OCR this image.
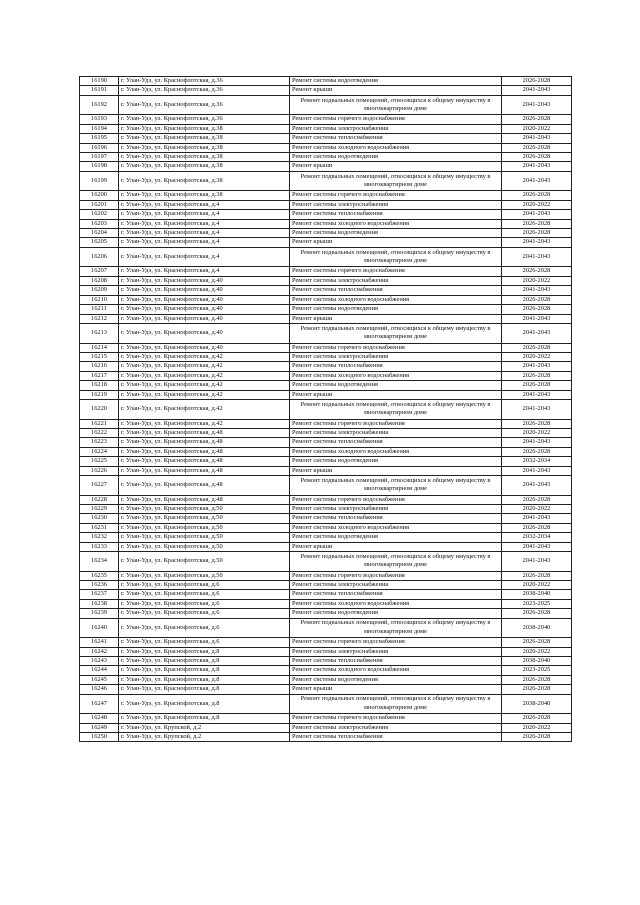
16190	г. Улан-Удэ, ул. Краснофлотская, д.36	Ремонт системы водоотведения	2026-2028
16191	г. Улан-Удэ, ул. Краснофлотская, д.36	Ремонт крыши	2041-2043
16192	г. Улан-Удэ, ул. Краснофлотская, д.36	Ремонт подвальных помещений, относящихся к общему имуществу в многоквартирном доме	2041-2043
16193	г. Улан-Удэ, ул. Краснофлотская, д.36	Ремонт системы горячего водоснабжения	2026-2028
16194	г. Улан-Удэ, ул. Краснофлотская, д.38	Ремонт системы электроснабжения	2020-2022
16195	г. Улан-Удэ, ул. Краснофлотская, д.38	Ремонт системы теплоснабжения	2041-2043
16196	г. Улан-Удэ, ул. Краснофлотская, д.38	Ремонт системы холодного водоснабжения	2026-2028
16197	г. Улан-Удэ, ул. Краснофлотская, д.38	Ремонт системы водоотведения	2026-2028
16198	г. Улан-Удэ, ул. Краснофлотская, д.38	Ремонт крыши	2041-2043
16199	г. Улан-Удэ, ул. Краснофлотская, д.38	Ремонт подвальных помещений, относящихся к общему имуществу в многоквартирном доме	2041-2043
16200	г. Улан-Удэ, ул. Краснофлотская, д.38	Ремонт системы горячего водоснабжения	2026-2028
16201	г. Улан-Удэ, ул. Краснофлотская, д.4	Ремонт системы электроснабжения	2020-2022
16202	г. Улан-Удэ, ул. Краснофлотская, д.4	Ремонт системы теплоснабжения	2041-2043
16203	г. Улан-Удэ, ул. Краснофлотская, д.4	Ремонт системы холодного водоснабжения	2026-2028
16204	г. Улан-Удэ, ул. Краснофлотская, д.4	Ремонт системы водоотведения	2026-2028
16205	г. Улан-Удэ, ул. Краснофлотская, д.4	Ремонт крыши	2041-2043
16206	г. Улан-Удэ, ул. Краснофлотская, д.4	Ремонт подвальных помещений, относящихся к общему имуществу в многоквартирном доме	2041-2043
16207	г. Улан-Удэ, ул. Краснофлотская, д.4	Ремонт системы горячего водоснабжения	2026-2028
16208	г. Улан-Удэ, ул. Краснофлотская, д.40	Ремонт системы электроснабжения	2020-2022
16209	г. Улан-Удэ, ул. Краснофлотская, д.40	Ремонт системы теплоснабжения	2041-2043
16210	г. Улан-Удэ, ул. Краснофлотская, д.40	Ремонт системы холодного водоснабжения	2026-2028
16211	г. Улан-Удэ, ул. Краснофлотская, д.40	Ремонт системы водоотведения	2026-2028
16212	г. Улан-Удэ, ул. Краснофлотская, д.40	Ремонт крыши	2041-2043
16213	г. Улан-Удэ, ул. Краснофлотская, д.40	Ремонт подвальных помещений, относящихся к общему имуществу в многоквартирном доме	2041-2043
16214	г. Улан-Удэ, ул. Краснофлотская, д.40	Ремонт системы горячего водоснабжения	2026-2028
16215	г. Улан-Удэ, ул. Краснофлотская, д.42	Ремонт системы электроснабжения	2020-2022
16216	г. Улан-Удэ, ул. Краснофлотская, д.42	Ремонт системы теплоснабжения	2041-2043
16217	г. Улан-Удэ, ул. Краснофлотская, д.42	Ремонт системы холодного водоснабжения	2026-2028
16218	г. Улан-Удэ, ул. Краснофлотская, д.42	Ремонт системы водоотведения	2026-2028
16219	г. Улан-Удэ, ул. Краснофлотская, д.42	Ремонт крыши	2041-2043
16220	г. Улан-Удэ, ул. Краснофлотская, д.42	Ремонт подвальных помещений, относящихся к общему имуществу в многоквартирном доме	2041-2043
16221	г. Улан-Удэ, ул. Краснофлотская, д.42	Ремонт системы горячего водоснабжения	2026-2028
16222	г. Улан-Удэ, ул. Краснофлотская, д.48	Ремонт системы электроснабжения	2020-2022
16223	г. Улан-Удэ, ул. Краснофлотская, д.48	Ремонт системы теплоснабжения	2041-2043
16224	г. Улан-Удэ, ул. Краснофлотская, д.48	Ремонт системы холодного водоснабжения	2026-2028
16225	г. Улан-Удэ, ул. Краснофлотская, д.48	Ремонт системы водоотведения	2032-2034
16226	г. Улан-Удэ, ул. Краснофлотская, д.48	Ремонт крыши	2041-2043
16227	г. Улан-Удэ, ул. Краснофлотская, д.48	Ремонт подвальных помещений, относящихся к общему имуществу в многоквартирном доме	2041-2043
16228	г. Улан-Удэ, ул. Краснофлотская, д.48	Ремонт системы горячего водоснабжения	2026-2028
16229	г. Улан-Удэ, ул. Краснофлотская, д.50	Ремонт системы электроснабжения	2020-2022
16230	г. Улан-Удэ, ул. Краснофлотская, д.50	Ремонт системы теплоснабжения	2041-2043
16231	г. Улан-Удэ, ул. Краснофлотская, д.50	Ремонт системы холодного водоснабжения	2026-2028
16232	г. Улан-Удэ, ул. Краснофлотская, д.50	Ремонт системы водоотведения	2032-2034
16233	г. Улан-Удэ, ул. Краснофлотская, д.50	Ремонт крыши	2041-2043
16234	г. Улан-Удэ, ул. Краснофлотская, д.50	Ремонт подвальных помещений, относящихся к общему имуществу в многоквартирном доме	2041-2043
16235	г. Улан-Удэ, ул. Краснофлотская, д.50	Ремонт системы горячего водоснабжения	2026-2028
16236	г. Улан-Удэ, ул. Краснофлотская, д.6	Ремонт системы электроснабжения	2020-2022
16237	г. Улан-Удэ, ул. Краснофлотская, д.6	Ремонт системы теплоснабжения	2038-2040
16238	г. Улан-Удэ, ул. Краснофлотская, д.6	Ремонт системы холодного водоснабжения	2023-2025
16239	г. Улан-Удэ, ул. Краснофлотская, д.6	Ремонт системы водоотведения	2026-2028
16240	г. Улан-Удэ, ул. Краснофлотская, д.6	Ремонт подвальных помещений, относящихся к общему имуществу в многоквартирном доме	2038-2040
16241	г. Улан-Удэ, ул. Краснофлотская, д.6	Ремонт системы горячего водоснабжения	2026-2028
16242	г. Улан-Удэ, ул. Краснофлотская, д.8	Ремонт системы электроснабжения	2020-2022
16243	г. Улан-Удэ, ул. Краснофлотская, д.8	Ремонт системы теплоснабжения	2038-2040
16244	г. Улан-Удэ, ул. Краснофлотская, д.8	Ремонт системы холодного водоснабжения	2023-2025
16245	г. Улан-Удэ, ул. Краснофлотская, д.8	Ремонт системы водоотведения	2026-2028
16246	г. Улан-Удэ, ул. Краснофлотская, д.8	Ремонт крыши	2026-2028
16247	г. Улан-Удэ, ул. Краснофлотская, д.8	Ремонт подвальных помещений, относящихся к общему имуществу в многоквартирном доме	2038-2040
16248	г. Улан-Удэ, ул. Краснофлотская, д.8	Ремонт системы горячего водоснабжения	2026-2028
16249	г. Улан-Удэ, ул. Крупской, д.2	Ремонт системы электроснабжения	2020-2022
16250	г. Улан-Удэ, ул. Крупской, д.2	Ремонт системы теплоснабжения	2026-2028
